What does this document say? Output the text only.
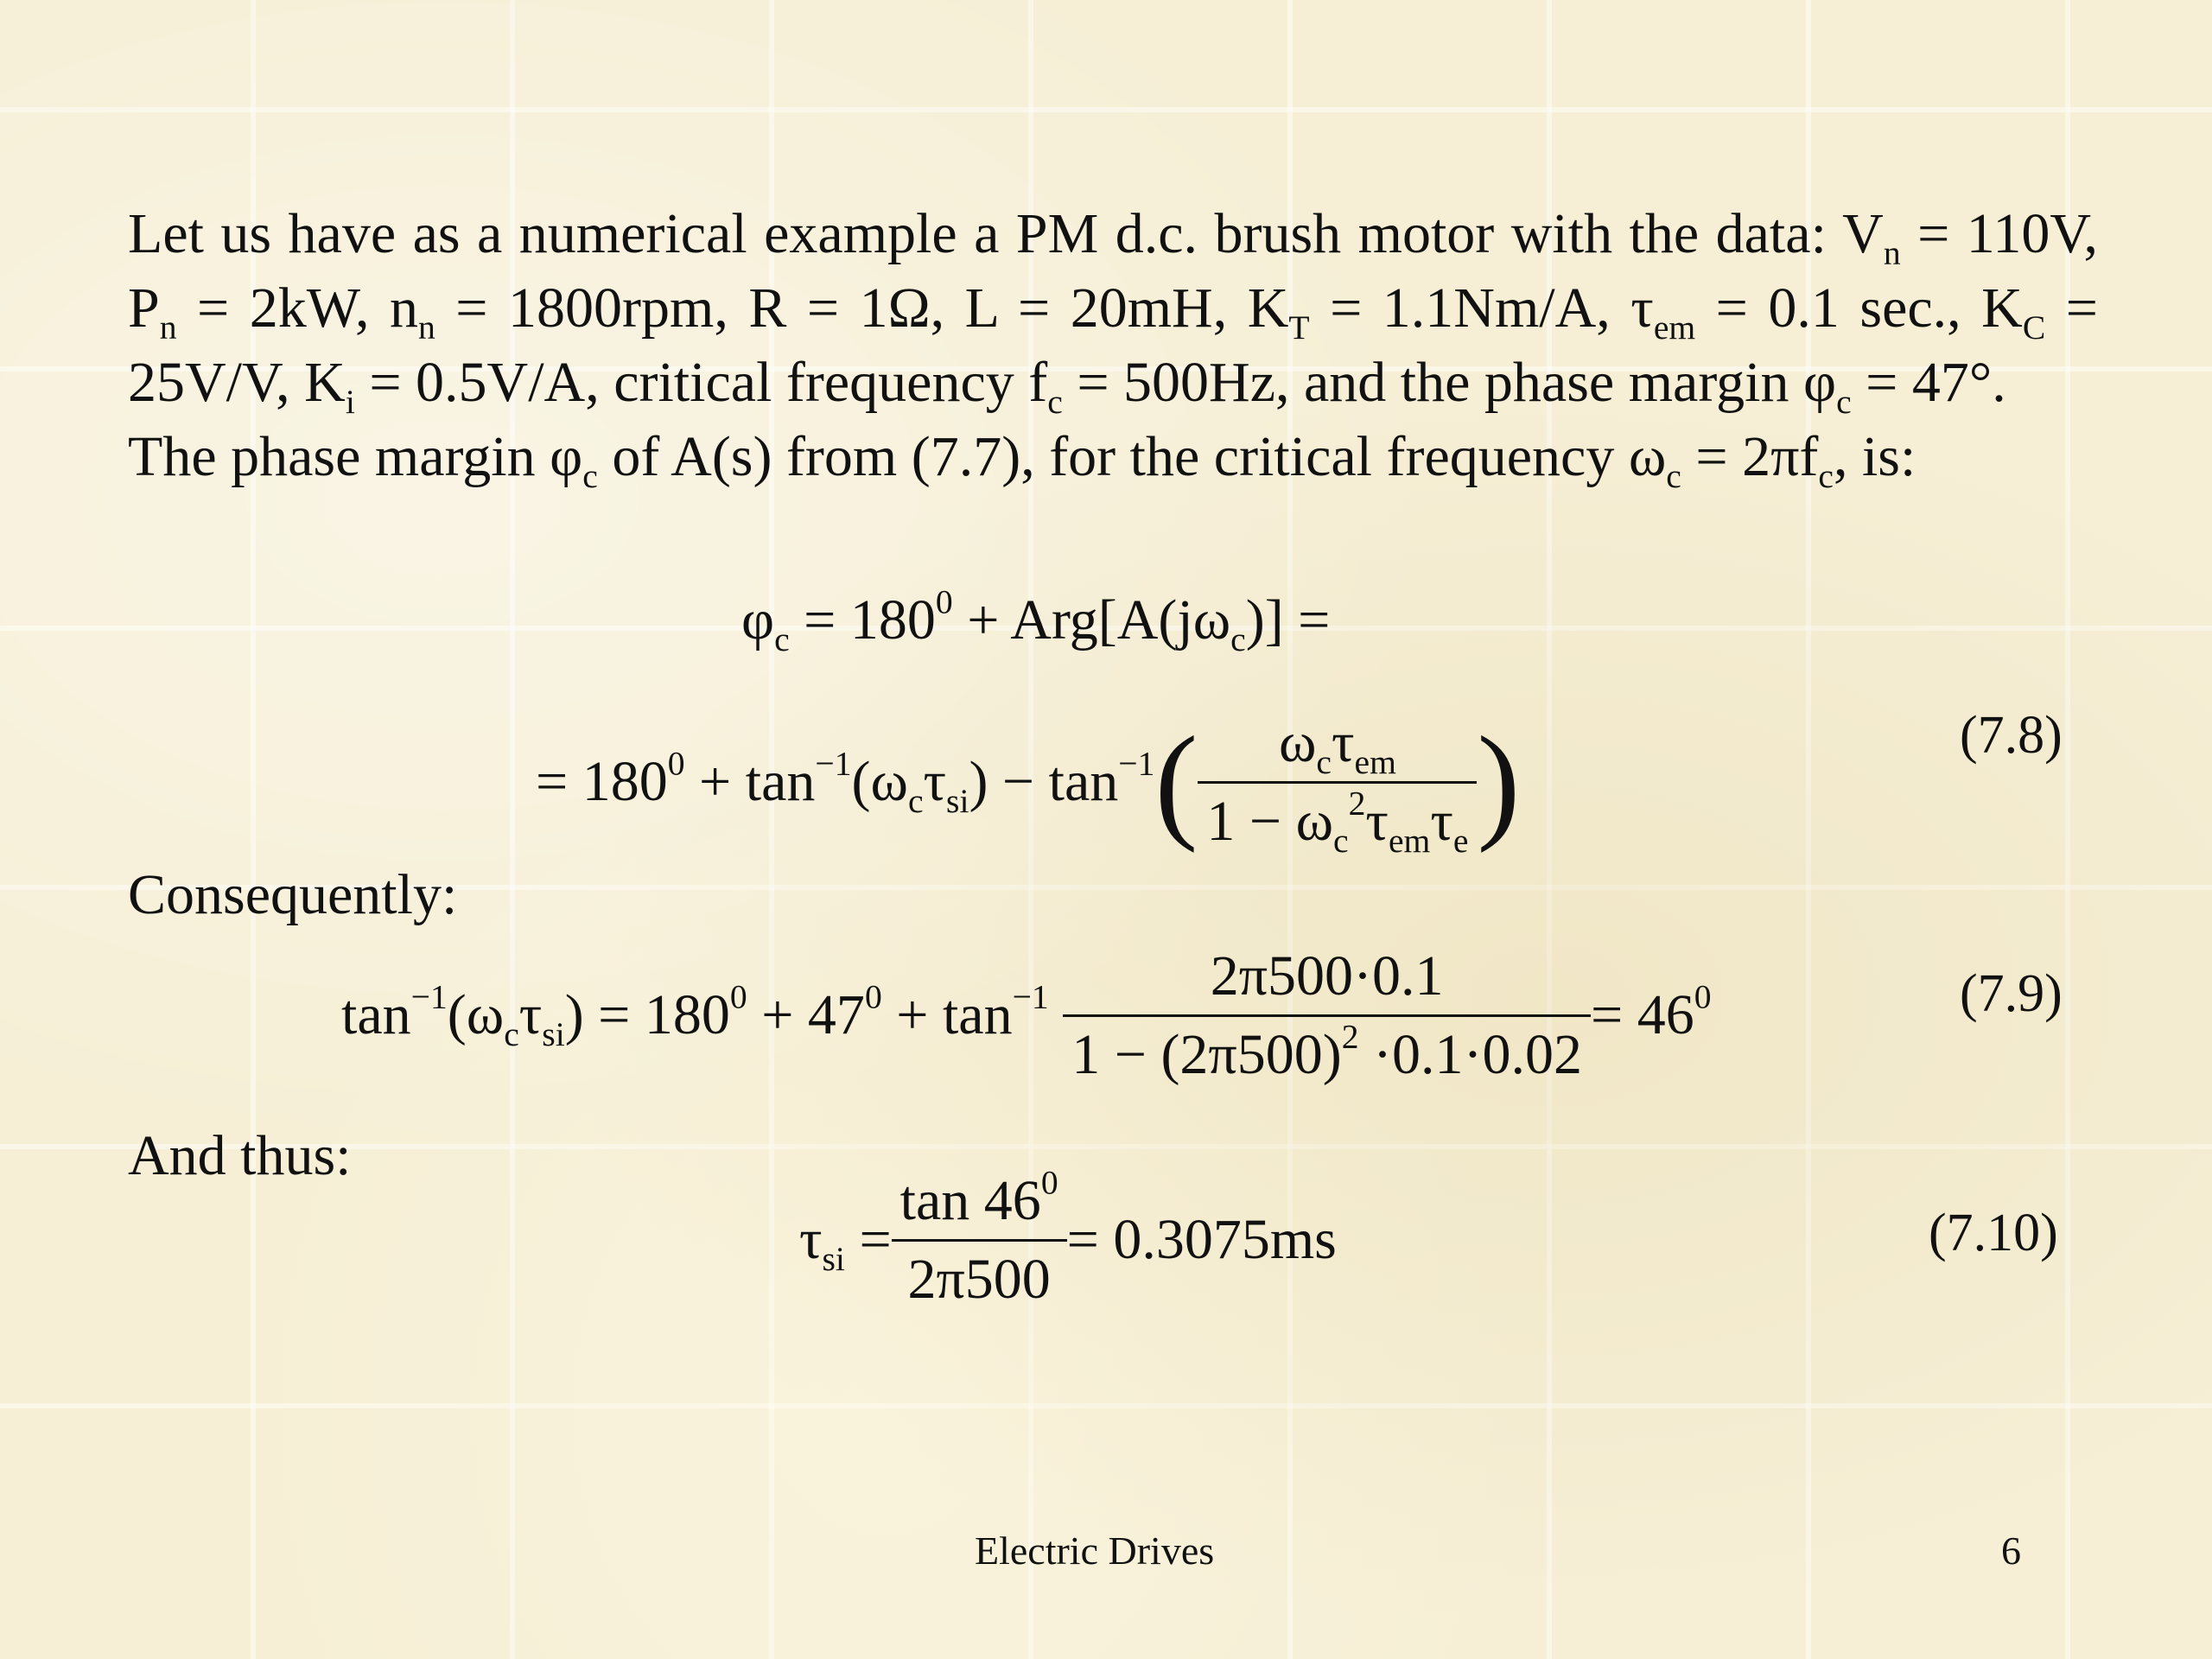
Let us have as a numerical example a PM d.c. brush motor with the data: $V_n = 110V$, $P_n = 2kW$, $n_n = 1800rpm$, R = 1Ω, L = 20mH, $K_T = 1.1Nm/A$, $\tau_{em} = 0.1$ sec., $K_C = 25V/V$, $K_i = 0.5V/A$, critical frequency $f_c = 500Hz$, and the phase margin $\varphi_c = 47^\circ$.

The phase margin $\varphi_c$ of A(s) from (7.7), for the critical frequency $\omega_c = 2\pi f_c$, is:

$\varphi_c = 180^0 + Arg[A(j\omega_c)]$ =
= $180^0 + \tan^{-1}(\omega_c\tau_{si}) - \tan^{-1}$ ( $\frac{\omega_c\tau_{em}}{1 - \omega_c^2\tau_{em}\tau_e}$ )	(7.8)
Consequently:
$\tan^{-1}(\omega_c\tau_{si}) = 180^0 + 47^0 + \tan^{-1} \frac{2\pi 500\cdot 0.1}{1 - (2\pi 500)^2 \cdot 0.1\cdot 0.02} = 46^0$	(7.9)
And thus:
$\tau_{si} = \frac{\tan 46^0}{2\pi 500} = 0.3075ms$	(7.10)
Electric Drives	6
